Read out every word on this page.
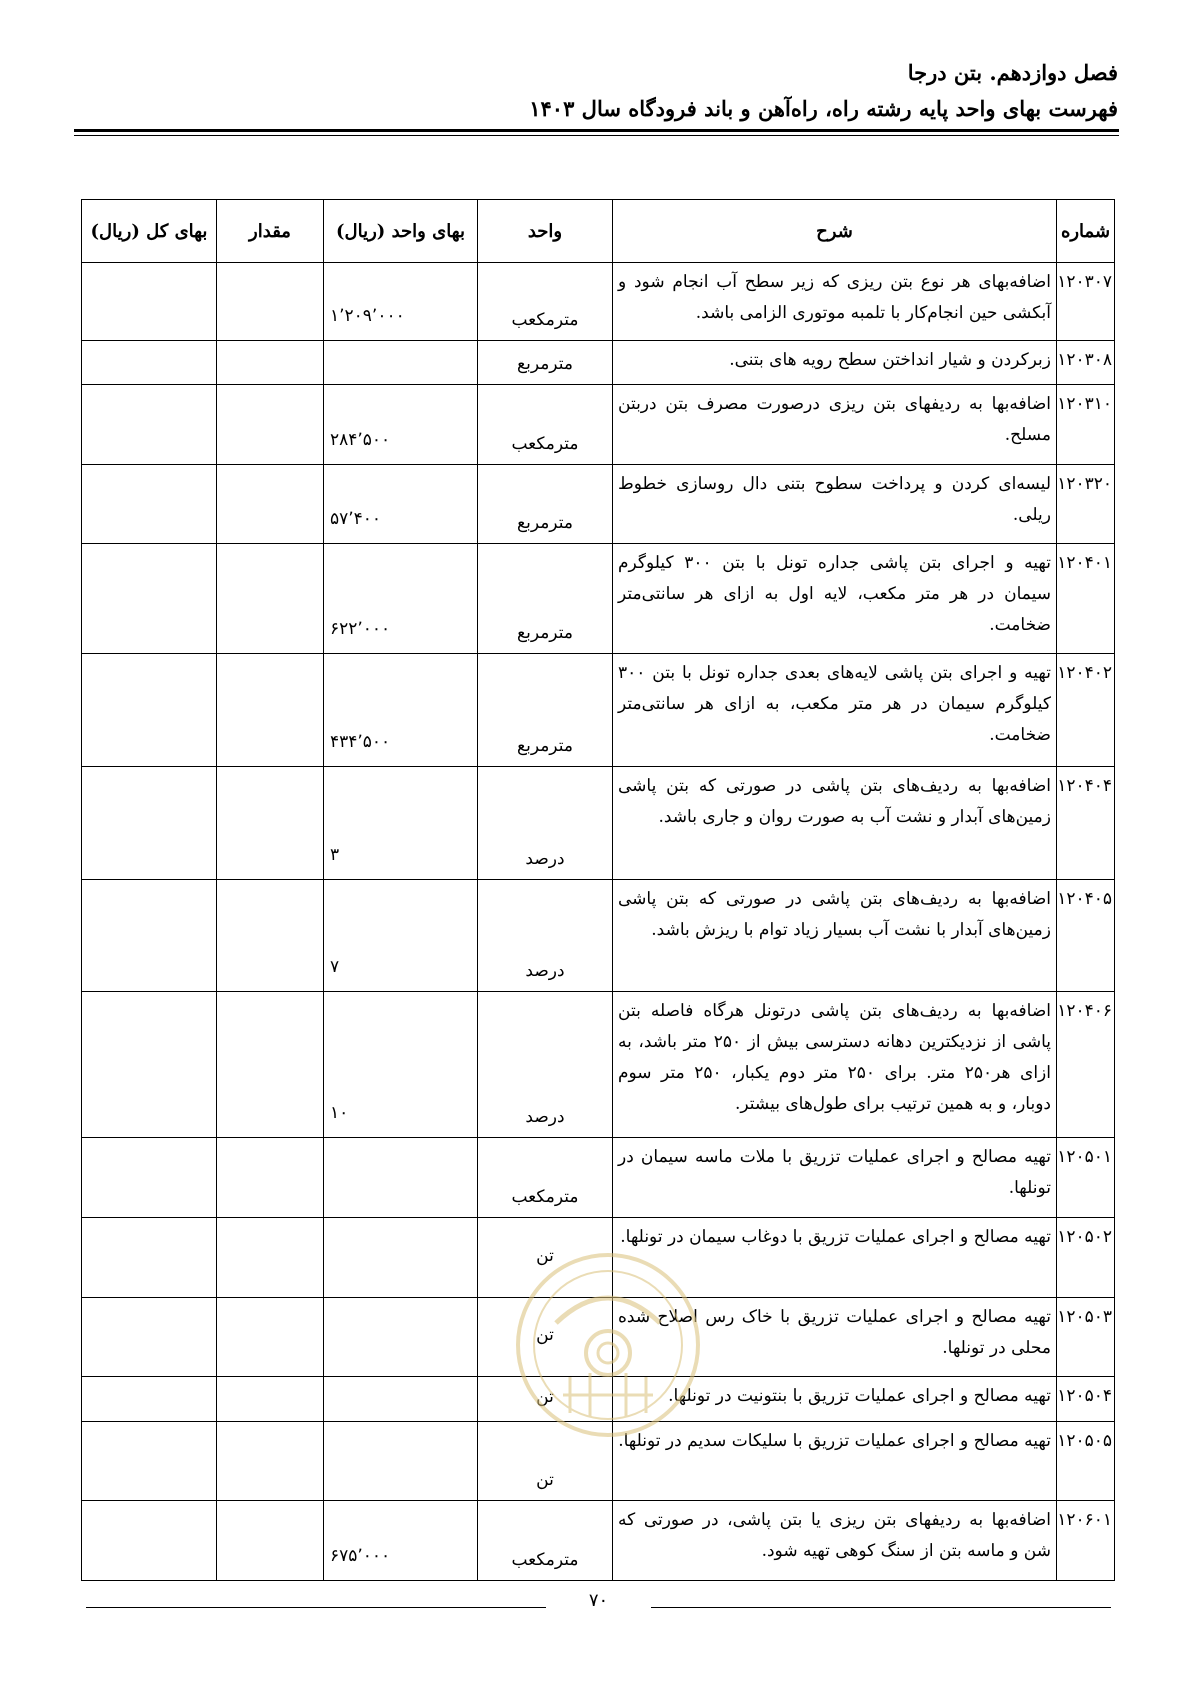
فصل دوازدهم. بتن درجا
فهرست بهای واحد پایه رشته راه، راه‌آهن و باند فرودگاه سال ۱۴۰۳
شماره	شرح	واحد	بهای واحد (ریال)	مقدار	بهای کل (ریال)
۱۲۰۳۰۷	اضافه‌بهای هر نوع بتن ریزی که زیر سطح آب انجام شود و آبکشی حین انجام‌کار با تلمبه موتوری الزامی باشد.	مترمکعب	۱٬۲۰۹٬۰۰۰		
۱۲۰۳۰۸	زبرکردن و شیار انداختن سطح رویه های بتنی.	مترمربع			
۱۲۰۳۱۰	اضافه‌بها به ردیفهای بتن ریزی درصورت مصرف بتن دربتن مسلح.	مترمکعب	۲۸۴٬۵۰۰		
۱۲۰۳۲۰	لیسه‌ای کردن و پرداخت سطوح بتنی دال روسازی خطوط ریلی.	مترمربع	۵۷٬۴۰۰		
۱۲۰۴۰۱	تهیه و اجرای بتن پاشی جداره تونل با بتن ۳۰۰ کیلوگرم سیمان در هر متر مکعب، لایه اول به ازای هر سانتی‌متر ضخامت.	مترمربع	۶۲۲٬۰۰۰		
۱۲۰۴۰۲	تهیه و اجرای بتن پاشی لایه‌های بعدی جداره تونل با بتن ۳۰۰ کیلوگرم سیمان در هر متر مکعب، به ازای هر سانتی‌متر ضخامت.	مترمربع	۴۳۴٬۵۰۰		
۱۲۰۴۰۴	اضافه‌بها به ردیف‌های بتن پاشی در صورتی که بتن پاشی زمین‌های آبدار و نشت آب به صورت روان و جاری باشد.	درصد	۳		
۱۲۰۴۰۵	اضافه‌بها به ردیف‌های بتن پاشی در صورتی که بتن پاشی زمین‌های آبدار با نشت آب بسیار زیاد توام با ریزش باشد.	درصد	۷		
۱۲۰۴۰۶	اضافه‌بها به ردیف‌های بتن پاشی درتونل هرگاه فاصله بتن پاشی از نزدیکترین دهانه دسترسی بیش از ۲۵۰ متر باشد، به ازای هر۲۵۰ متر. برای ۲۵۰ متر دوم یکبار، ۲۵۰ متر سوم دوبار، و به همین ترتیب برای طول‌های بیشتر.	درصد	۱۰		
۱۲۰۵۰۱	تهیه مصالح و اجرای عملیات تزریق با ملات ماسه سیمان در تونلها.	مترمکعب			
۱۲۰۵۰۲	تهیه مصالح و اجرای عملیات تزریق با دوغاب سیمان در تونلها.	تن			
۱۲۰۵۰۳	تهیه مصالح و اجرای عملیات تزریق با خاک رس اصلاح شده محلی در تونلها.	تن			
۱۲۰۵۰۴	تهیه مصالح و اجرای عملیات تزریق با بنتونیت در تونلها.	تن			
۱۲۰۵۰۵	تهیه مصالح و اجرای عملیات تزریق با سلیکات سدیم در تونلها.	تن			
۱۲۰۶۰۱	اضافه‌بها به ردیفهای بتن ریزی یا بتن پاشی، در صورتی که شن و ماسه بتن از سنگ کوهی تهیه شود.	مترمکعب	۶۷۵٬۰۰۰		
۷۰
